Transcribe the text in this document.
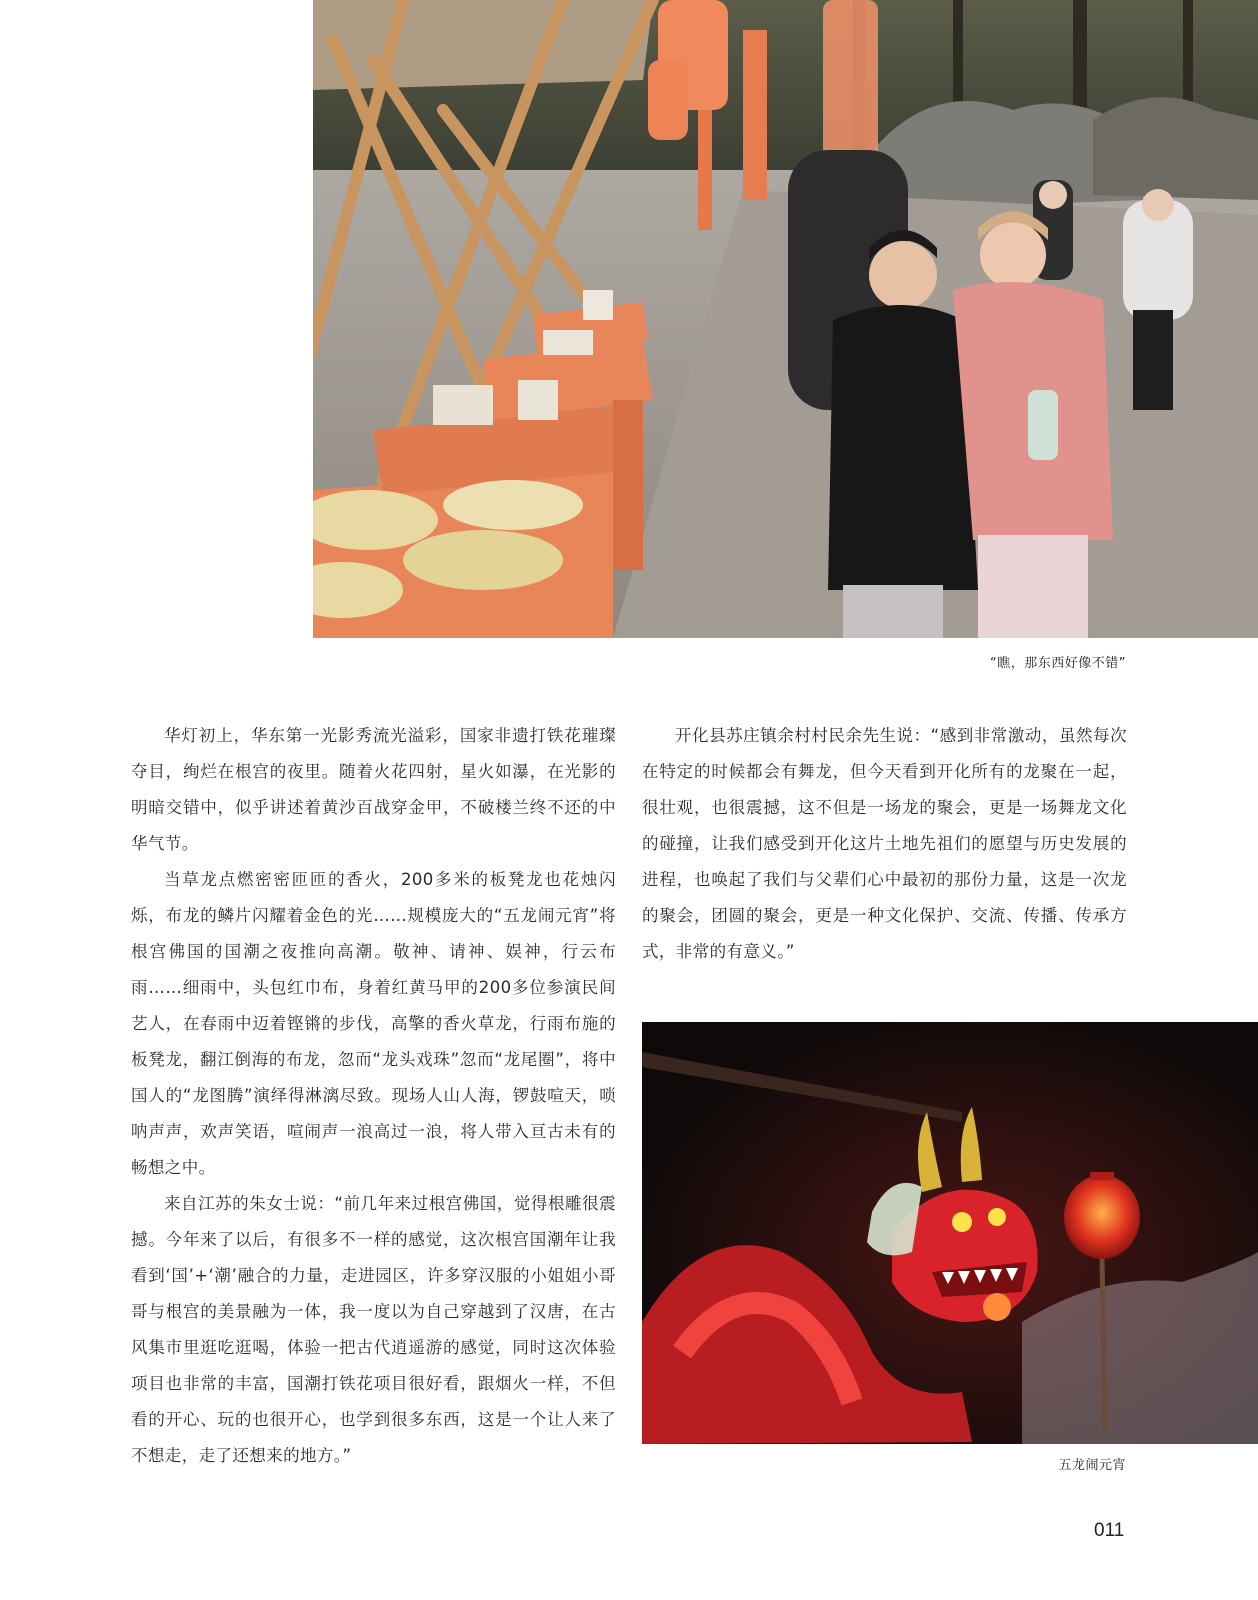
“瞧，那东西好像不错”

华灯初上，华东第一光影秀流光溢彩，国家非遗打铁花璀璨夺目，绚烂在根宫的夜里。随着火花四射，星火如瀑，在光影的明暗交错中，似乎讲述着黄沙百战穿金甲，不破楼兰终不还的中华气节。

当草龙点燃密密匝匝的香火，200多米的板凳龙也花烛闪烁，布龙的鳞片闪耀着金色的光……规模庞大的“五龙闹元宵”将根宫佛国的国潮之夜推向高潮。敬神、请神、娱神，行云布雨……细雨中，头包红巾布，身着红黄马甲的200多位参演民间艺人，在春雨中迈着铿锵的步伐，高擎的香火草龙，行雨布施的板凳龙，翻江倒海的布龙，忽而“龙头戏珠”忽而“龙尾圈”，将中国人的“龙图腾”演绎得淋漓尽致。现场人山人海，锣鼓喧天，唢呐声声，欢声笑语，喧闹声一浪高过一浪，将人带入亘古未有的畅想之中。

来自江苏的朱女士说：“前几年来过根宫佛国，觉得根雕很震撼。今年来了以后，有很多不一样的感觉，这次根宫国潮年让我看到‘国’+‘潮’融合的力量，走进园区，许多穿汉服的小姐姐小哥哥与根宫的美景融为一体，我一度以为自己穿越到了汉唐，在古风集市里逛吃逛喝，体验一把古代逍遥游的感觉，同时这次体验项目也非常的丰富，国潮打铁花项目很好看，跟烟火一样，不但看的开心、玩的也很开心，也学到很多东西，这是一个让人来了不想走，走了还想来的地方。”

开化县苏庄镇余村村民余先生说：“感到非常激动，虽然每次在特定的时候都会有舞龙，但今天看到开化所有的龙聚在一起，很壮观，也很震撼，这不但是一场龙的聚会，更是一场舞龙文化的碰撞，让我们感受到开化这片土地先祖们的愿望与历史发展的进程，也唤起了我们与父辈们心中最初的那份力量，这是一次龙的聚会，团圆的聚会，更是一种文化保护、交流、传播、传承方式，非常的有意义。”

五龙闹元宵
011
